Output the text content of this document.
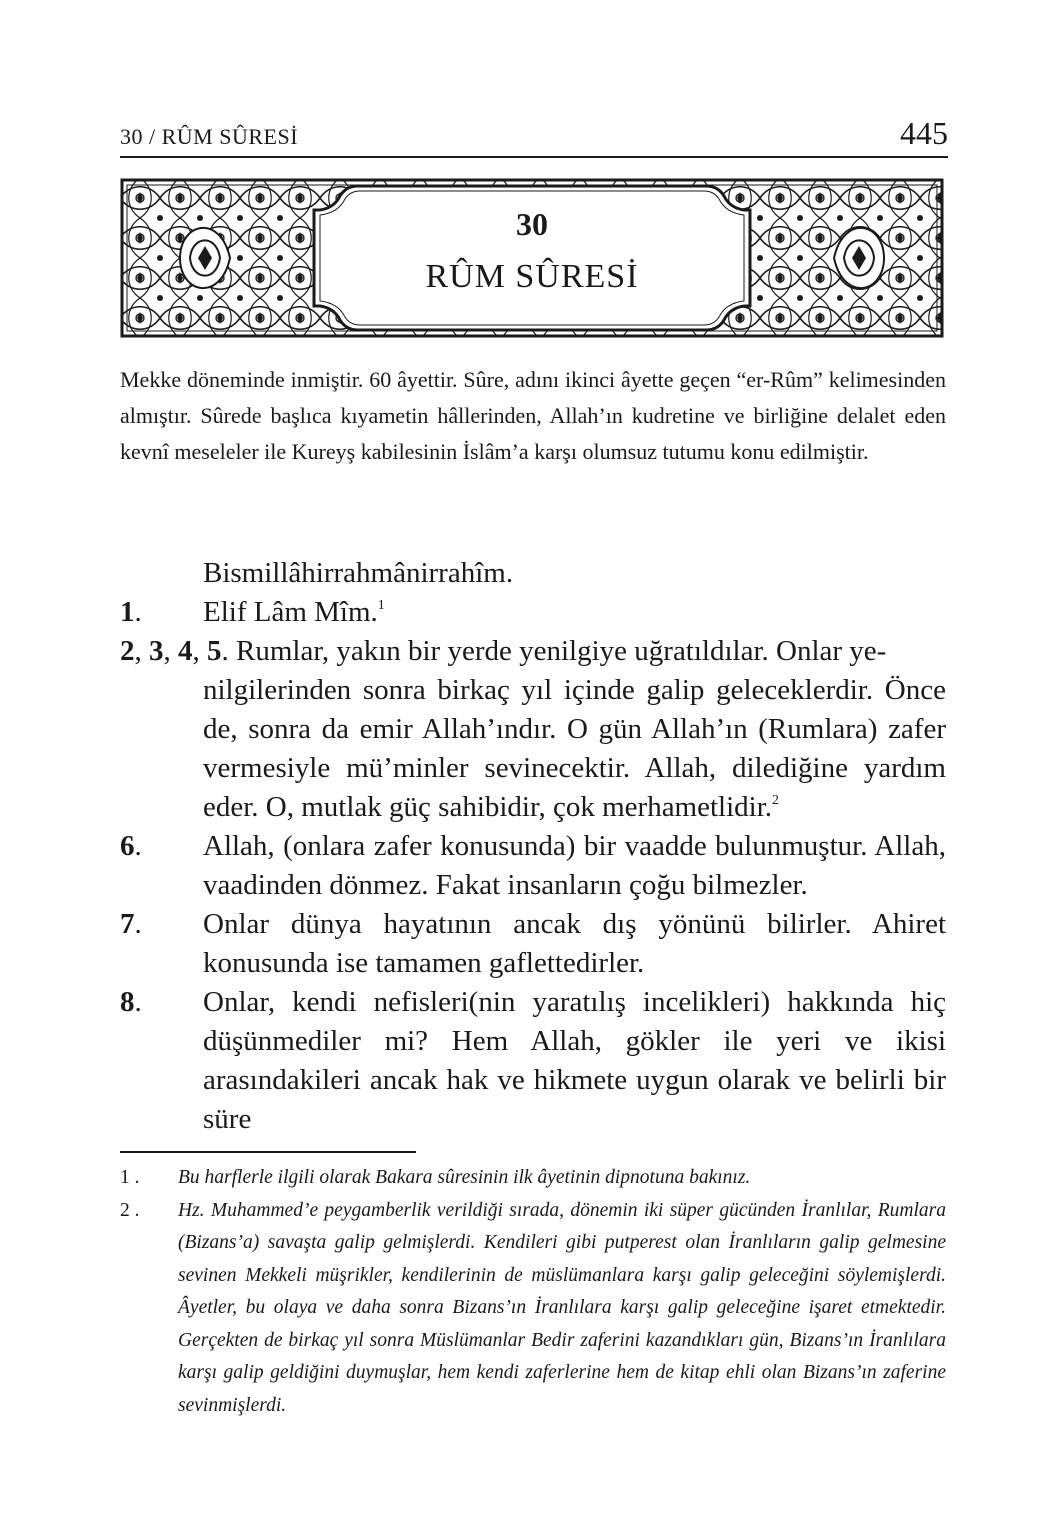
30 / RÛM SÛRESİ	445
30
RÛM SÛRESİ
Mekke döneminde inmiştir. 60 âyettir. Sûre, adını ikinci âyette geçen “er-Rûm” kelimesinden almıştır. Sûrede başlıca kıyametin hâllerinden, Allah’ın kudretine ve birliğine delalet eden kevnî meseleler ile Kureyş kabilesinin İslâm’a karşı olumsuz tutumu konu edilmiştir.
Bismillâhirrahmânirrahîm.
1. Elif Lâm Mîm.$^1$
2, 3, 4, 5. Rumlar, yakın bir yerde yenilgiye uğratıldılar. Onlar ye-
nilgilerinden sonra birkaç yıl içinde galip geleceklerdir. Önce de, sonra da emir Allah’ındır. O gün Allah’ın (Rumlara) zafer vermesiyle mü’minler sevinecektir. Allah, dilediğine yardım eder. O, mutlak güç sahibidir, çok merhametlidir.$^2$
6. Allah, (onlara zafer konusunda) bir vaadde bulunmuştur. Allah, vaadinden dönmez. Fakat insanların çoğu bilmezler.
7. Onlar dünya hayatının ancak dış yönünü bilirler. Ahiret konusunda ise tamamen gaflettedirler.
8. Onlar, kendi nefisleri(nin yaratılış incelikleri) hakkında hiç düşünmediler mi? Hem Allah, gökler ile yeri ve ikisi arasındakileri ancak hak ve hikmete uygun olarak ve belirli bir süre
1 . Bu harflerle ilgili olarak Bakara sûresinin ilk âyetinin dipnotuna bakınız.
2 . Hz. Muhammed’e peygamberlik verildiği sırada, dönemin iki süper gücünden İranlılar, Rumlara (Bizans’a) savaşta galip gelmişlerdi. Kendileri gibi putperest olan İranlıların galip gelmesine sevinen Mekkeli müşrikler, kendilerinin de müslümanlara karşı galip geleceğini söylemişlerdi. Âyetler, bu olaya ve daha sonra Bizans’ın İranlılara karşı galip geleceğine işaret etmektedir. Gerçekten de birkaç yıl sonra Müslümanlar Bedir zaferini kazandıkları gün, Bizans’ın İranlılara karşı galip geldiğini duymuşlar, hem kendi zaferlerine hem de kitap ehli olan Bizans’ın zaferine sevinmişlerdi.
